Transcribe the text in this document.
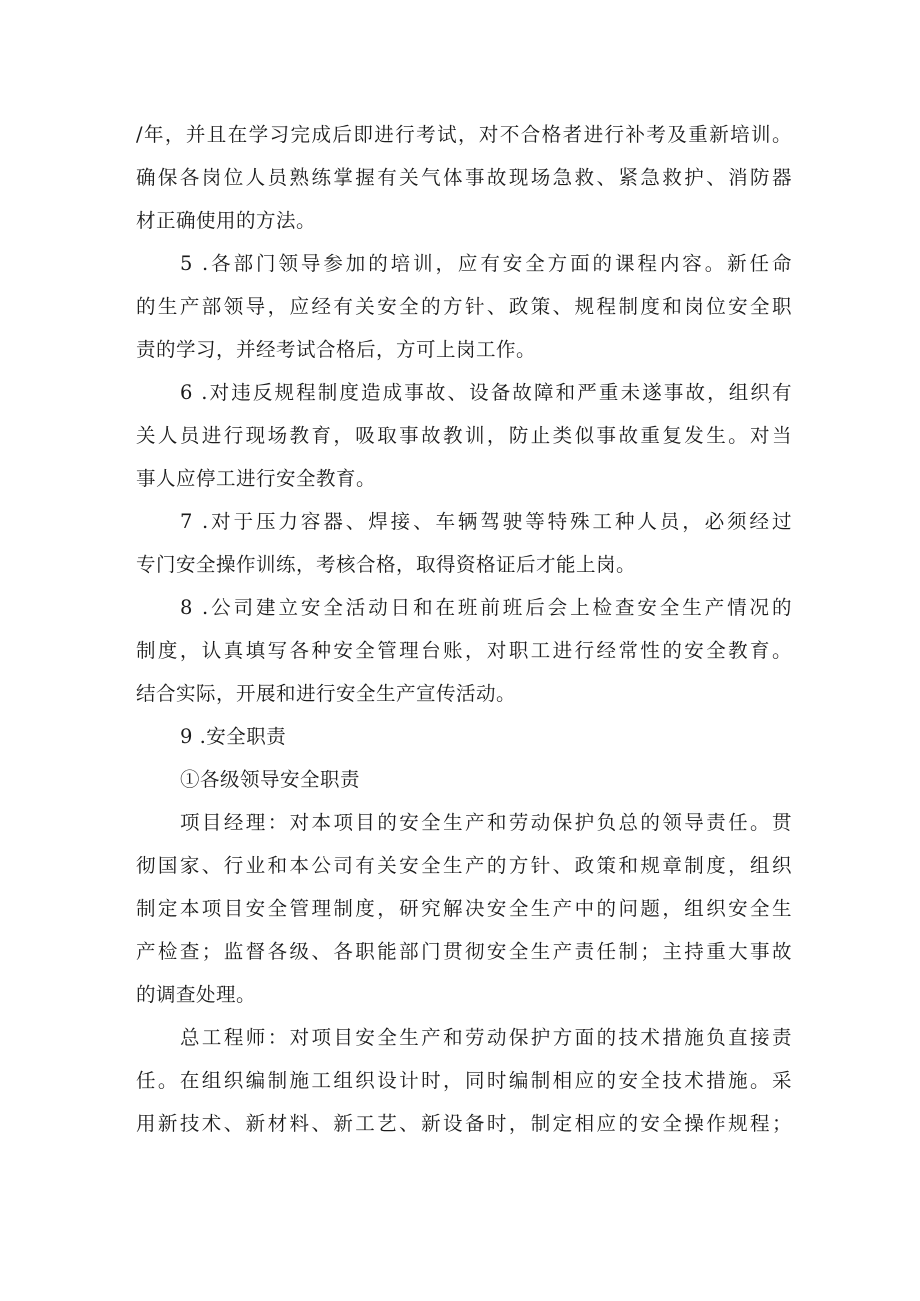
/年，并且在学习完成后即进行考试，对不合格者进行补考及重新培训。
确保各岗位人员熟练掌握有关气体事故现场急救、紧急救护、消防器
材正确使用的方法。
5 .各部门领导参加的培训，应有安全方面的课程内容。新任命
的生产部领导，应经有关安全的方针、政策、规程制度和岗位安全职
责的学习，并经考试合格后，方可上岗工作。
6 .对违反规程制度造成事故、设备故障和严重未遂事故，组织有
关人员进行现场教育，吸取事故教训，防止类似事故重复发生。对当
事人应停工进行安全教育。
7 .对于压力容器、焊接、车辆驾驶等特殊工种人员，必须经过
专门安全操作训练，考核合格，取得资格证后才能上岗。
8 .公司建立安全活动日和在班前班后会上检查安全生产情况的
制度，认真填写各种安全管理台账，对职工进行经常性的安全教育。
结合实际，开展和进行安全生产宣传活动。
9 .安全职责
①各级领导安全职责
项目经理：对本项目的安全生产和劳动保护负总的领导责任。贯
彻国家、行业和本公司有关安全生产的方针、政策和规章制度，组织
制定本项目安全管理制度，研究解决安全生产中的问题，组织安全生
产检查；监督各级、各职能部门贯彻安全生产责任制；主持重大事故
的调查处理。
总工程师：对项目安全生产和劳动保护方面的技术措施负直接责
任。在组织编制施工组织设计时，同时编制相应的安全技术措施。采
用新技术、新材料、新工艺、新设备时，制定相应的安全操作规程；
